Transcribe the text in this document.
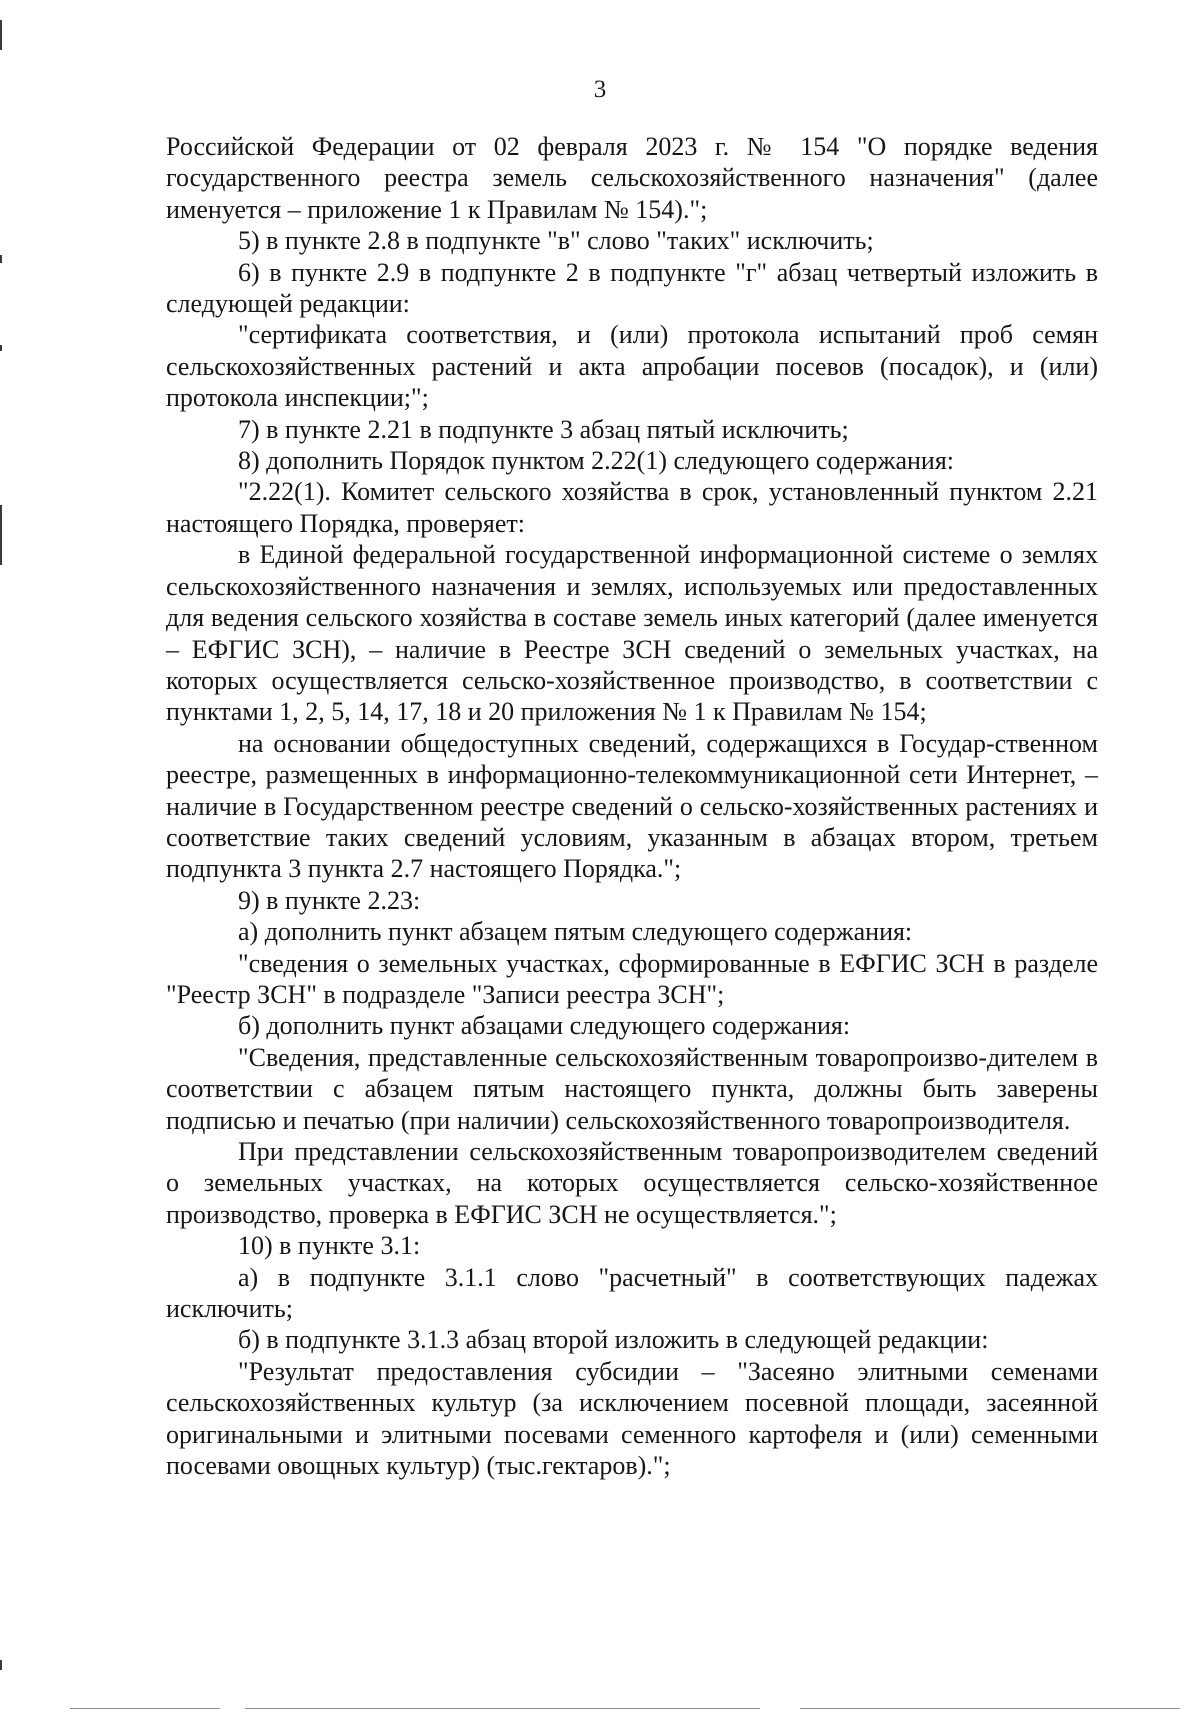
3

Российской Федерации от 02 февраля 2023 г. № 154 "О порядке ведения государственного реестра земель сельскохозяйственного назначения" (далее именуется – приложение 1 к Правилам № 154).";

5) в пункте 2.8 в подпункте "в" слово "таких" исключить;

6) в пункте 2.9 в подпункте 2 в подпункте "г" абзац четвертый изложить в следующей редакции:

"сертификата соответствия, и (или) протокола испытаний проб семян сельскохозяйственных растений и акта апробации посевов (посадок), и (или) протокола инспекции;";

7) в пункте 2.21 в подпункте 3 абзац пятый исключить;

8) дополнить Порядок пунктом 2.22(1) следующего содержания:

"2.22(1). Комитет сельского хозяйства в срок, установленный пунктом 2.21 настоящего Порядка, проверяет:

в Единой федеральной государственной информационной системе о землях сельскохозяйственного назначения и землях, используемых или предоставленных для ведения сельского хозяйства в составе земель иных категорий (далее именуется – ЕФГИС ЗСН), – наличие в Реестре ЗСН сведений о земельных участках, на которых осуществляется сельско-хозяйственное производство, в соответствии с пунктами 1, 2, 5, 14, 17, 18 и 20 приложения № 1 к Правилам № 154;

на основании общедоступных сведений, содержащихся в Государ-ственном реестре, размещенных в информационно-телекоммуникационной сети Интернет, – наличие в Государственном реестре сведений о сельско-хозяйственных растениях и соответствие таких сведений условиям, указанным в абзацах втором, третьем подпункта 3 пункта 2.7 настоящего Порядка.";

9) в пункте 2.23:

а) дополнить пункт абзацем пятым следующего содержания:

"сведения о земельных участках, сформированные в ЕФГИС ЗСН в разделе "Реестр ЗСН" в подразделе "Записи реестра ЗСН";

б) дополнить пункт абзацами следующего содержания:

"Сведения, представленные сельскохозяйственным товаропроизво-дителем в соответствии с абзацем пятым настоящего пункта, должны быть заверены подписью и печатью (при наличии) сельскохозяйственного товаропроизводителя.

При представлении сельскохозяйственным товаропроизводителем сведений о земельных участках, на которых осуществляется сельско-хозяйственное производство, проверка в ЕФГИС ЗСН не осуществляется.";

10) в пункте 3.1:

а) в подпункте 3.1.1 слово "расчетный" в соответствующих падежах исключить;

б) в подпункте 3.1.3 абзац второй изложить в следующей редакции:

"Результат предоставления субсидии – "Засеяно элитными семенами сельскохозяйственных культур (за исключением посевной площади, засеянной оригинальными и элитными посевами семенного картофеля и (или) семенными посевами овощных культур) (тыс.гектаров).";
